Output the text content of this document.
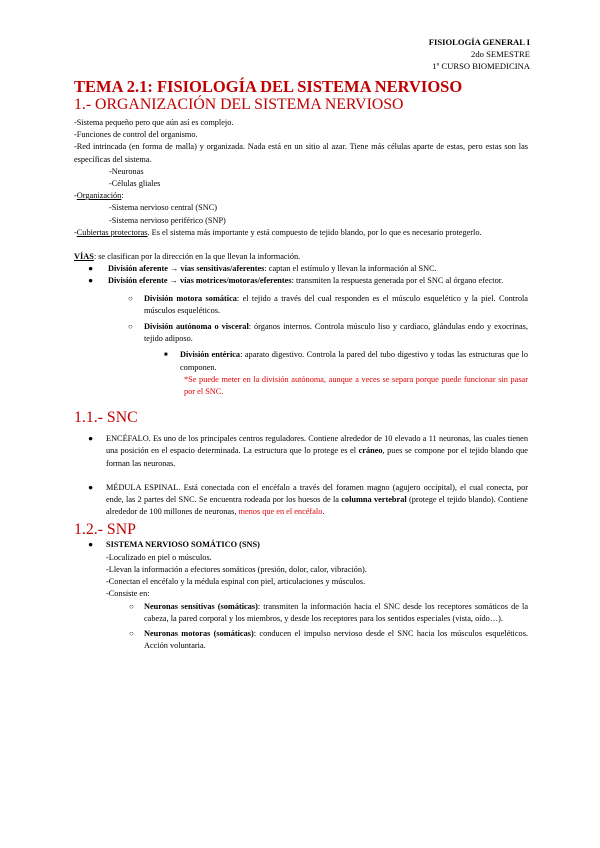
FISIOLOGÍA GENERAL I
2do SEMESTRE
1º CURSO BIOMEDICINA
TEMA 2.1: FISIOLOGÍA DEL SISTEMA NERVIOSO
1.- ORGANIZACIÓN DEL SISTEMA NERVIOSO

-Sistema pequeño pero que aún así es complejo.

-Funciones de control del organismo.

-Red intrincada (en forma de malla) y organizada. Nada está en un sitio al azar. Tiene más células aparte de estas, pero estas son las específicas del sistema.

-Neuronas

-Células gliales

-Organización:

-Sistema nervioso central (SNC)

-Sistema nervioso periférico (SNP)

-Cubiertas protectoras. Es el sistema más importante y está compuesto de tejido blando, por lo que es necesario protegerlo.

VÍAS: se clasifican por la dirección en la que llevan la información.

● División aferente → vías sensitivas/aferentes: captan el estímulo y llevan la información al SNC.
● División eferente → vías motrices/motoras/eferentes: transmiten la respuesta generada por el SNC al órgano efector.
○ División motora somática: el tejido a través del cual responden es el músculo esquelético y la piel. Controla músculos esqueléticos.
○ División autónoma o visceral: órganos internos. Controla músculo liso y cardíaco, glándulas endo y exocrinas, tejido adiposo.
■ División entérica: aparato digestivo. Controla la pared del tubo digestivo y todas las estructuras que lo componen.

*Se puede meter en la división autónoma, aunque a veces se separa porque puede funcionar sin pasar por el SNC.

1.1.- SNC
● ENCÉFALO. Es uno de los principales centros reguladores. Contiene alrededor de 10 elevado a 11 neuronas, las cuales tienen una posición en el espacio determinada. La estructura que lo protege es el cráneo, pues se compone por el tejido blando que forman las neuronas.
● MÉDULA ESPINAL. Está conectada con el encéfalo a través del foramen magno (agujero occipital), el cual conecta, por ende, las 2 partes del SNC. Se encuentra rodeada por los huesos de la columna vertebral (protege el tejido blando). Contiene alrededor de 100 millones de neuronas, menos que en el encéfalo.
1.2.- SNP
● SISTEMA NERVIOSO SOMÁTICO (SNS)

-Localizado en piel o músculos.

-Llevan la información a efectores somáticos (presión, dolor, calor, vibración).

-Conectan el encéfalo y la médula espinal con piel, articulaciones y músculos.

-Consiste en:

○ Neuronas sensitivas (somáticas): transmiten la información hacia el SNC desde los receptores somáticos de la cabeza, la pared corporal y los miembros, y desde los receptores para los sentidos especiales (vista, oído…).
○ Neuronas motoras (somáticas): conducen el impulso nervioso desde el SNC hacia los músculos esqueléticos. Acción voluntaria.
